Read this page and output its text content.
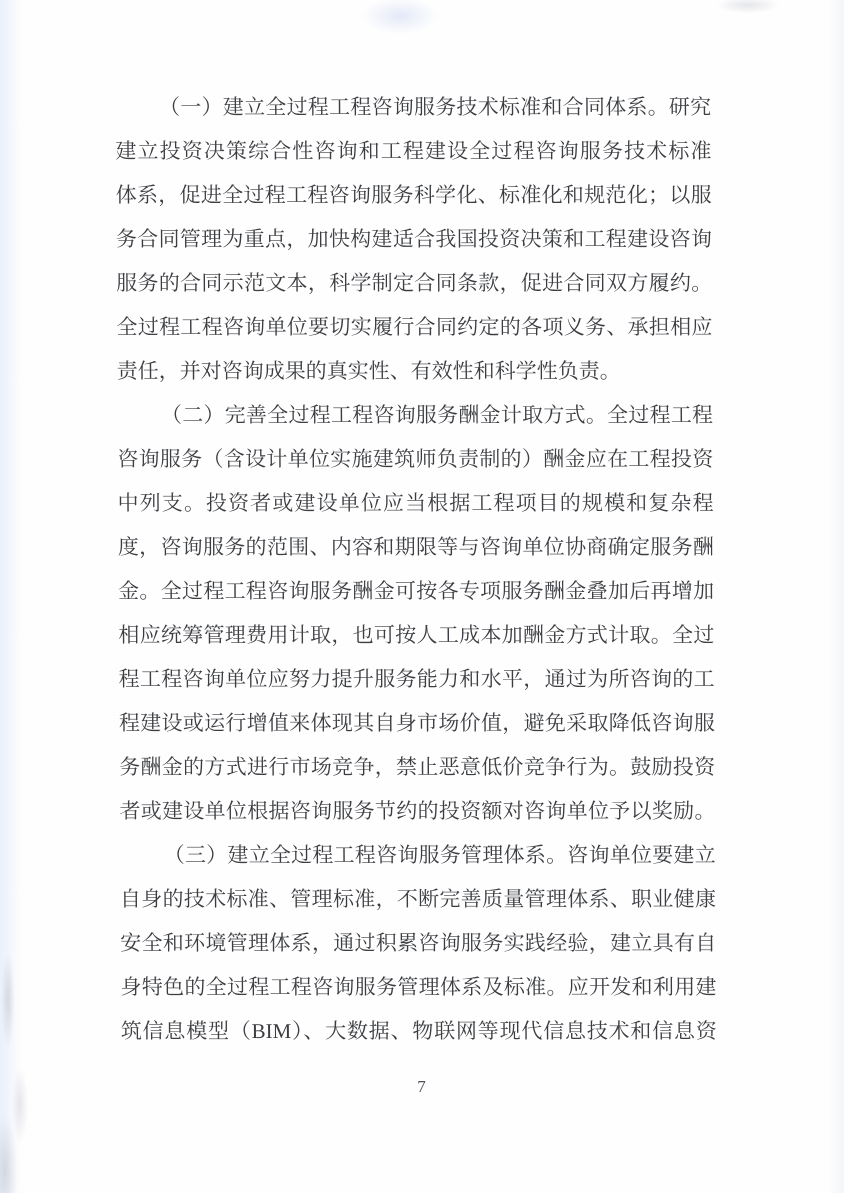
（一）建立全过程工程咨询服务技术标准和合同体系。研究
建立投资决策综合性咨询和工程建设全过程咨询服务技术标准
体系，促进全过程工程咨询服务科学化、标准化和规范化；以服
务合同管理为重点，加快构建适合我国投资决策和工程建设咨询
服务的合同示范文本，科学制定合同条款，促进合同双方履约。
全过程工程咨询单位要切实履行合同约定的各项义务、承担相应
责任，并对咨询成果的真实性、有效性和科学性负责。
（二）完善全过程工程咨询服务酬金计取方式。全过程工程
咨询服务（含设计单位实施建筑师负责制的）酬金应在工程投资
中列支。投资者或建设单位应当根据工程项目的规模和复杂程
度，咨询服务的范围、内容和期限等与咨询单位协商确定服务酬
金。全过程工程咨询服务酬金可按各专项服务酬金叠加后再增加
相应统筹管理费用计取，也可按人工成本加酬金方式计取。全过
程工程咨询单位应努力提升服务能力和水平，通过为所咨询的工
程建设或运行增值来体现其自身市场价值，避免采取降低咨询服
务酬金的方式进行市场竞争，禁止恶意低价竞争行为。鼓励投资
者或建设单位根据咨询服务节约的投资额对咨询单位予以奖励。
（三）建立全过程工程咨询服务管理体系。咨询单位要建立
自身的技术标准、管理标准，不断完善质量管理体系、职业健康
安全和环境管理体系，通过积累咨询服务实践经验，建立具有自
身特色的全过程工程咨询服务管理体系及标准。应开发和利用建
筑信息模型（BIM）、大数据、物联网等现代信息技术和信息资
7
